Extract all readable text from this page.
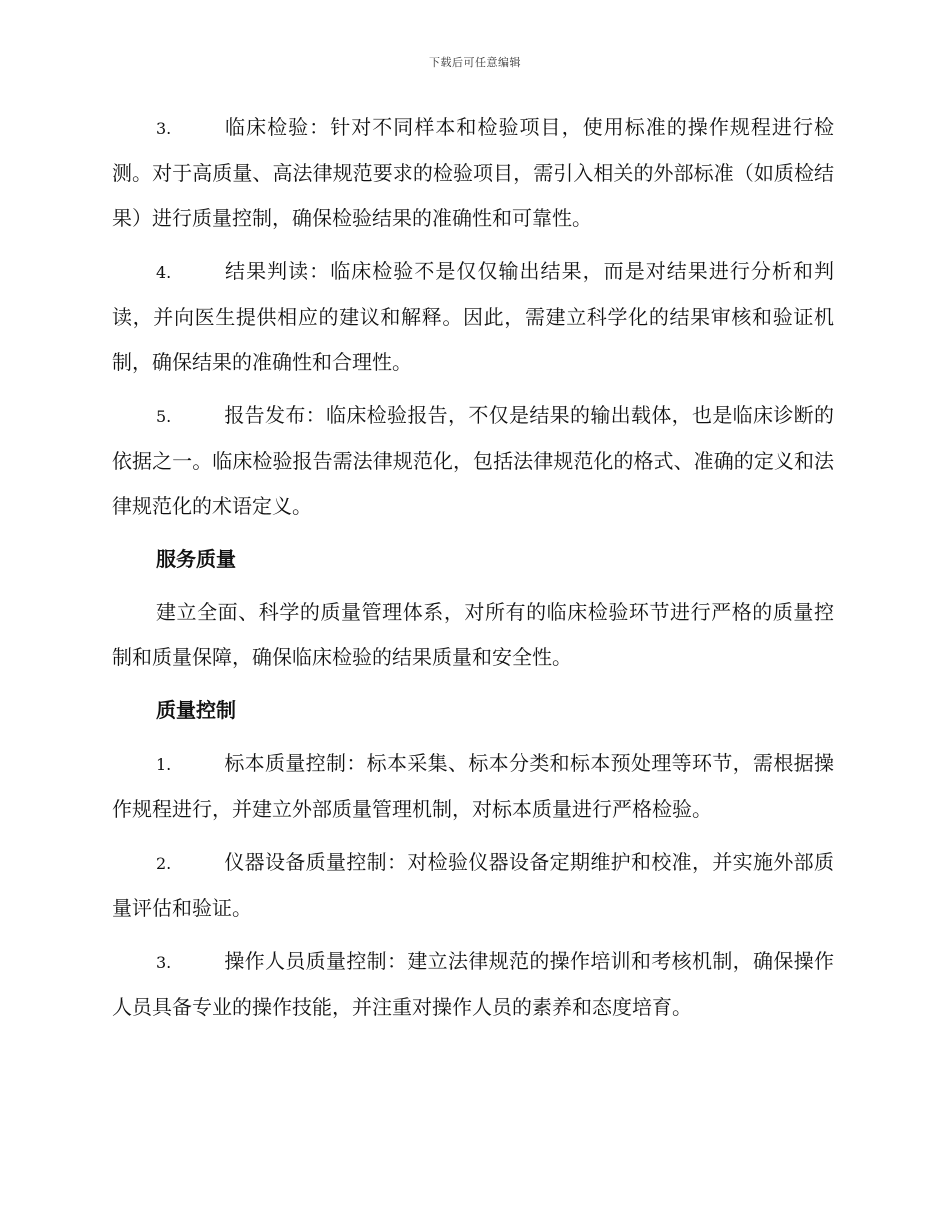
下载后可任意编辑

3.	临床检验：针对不同样本和检验项目，使用标准的操作规程进行检测。对于高质量、高法律规范要求的检验项目，需引入相关的外部标准（如质检结果）进行质量控制，确保检验结果的准确性和可靠性。

4.	结果判读：临床检验不是仅仅输出结果，而是对结果进行分析和判读，并向医生提供相应的建议和解释。因此，需建立科学化的结果审核和验证机制，确保结果的准确性和合理性。

5.	报告发布：临床检验报告，不仅是结果的输出载体，也是临床诊断的依据之一。临床检验报告需法律规范化，包括法律规范化的格式、准确的定义和法律规范化的术语定义。

服务质量

建立全面、科学的质量管理体系，对所有的临床检验环节进行严格的质量控制和质量保障，确保临床检验的结果质量和安全性。

质量控制

1.	标本质量控制：标本采集、标本分类和标本预处理等环节，需根据操作规程进行，并建立外部质量管理机制，对标本质量进行严格检验。

2.	仪器设备质量控制：对检验仪器设备定期维护和校准，并实施外部质量评估和验证。

3.	操作人员质量控制：建立法律规范的操作培训和考核机制，确保操作人员具备专业的操作技能，并注重对操作人员的素养和态度培育。
